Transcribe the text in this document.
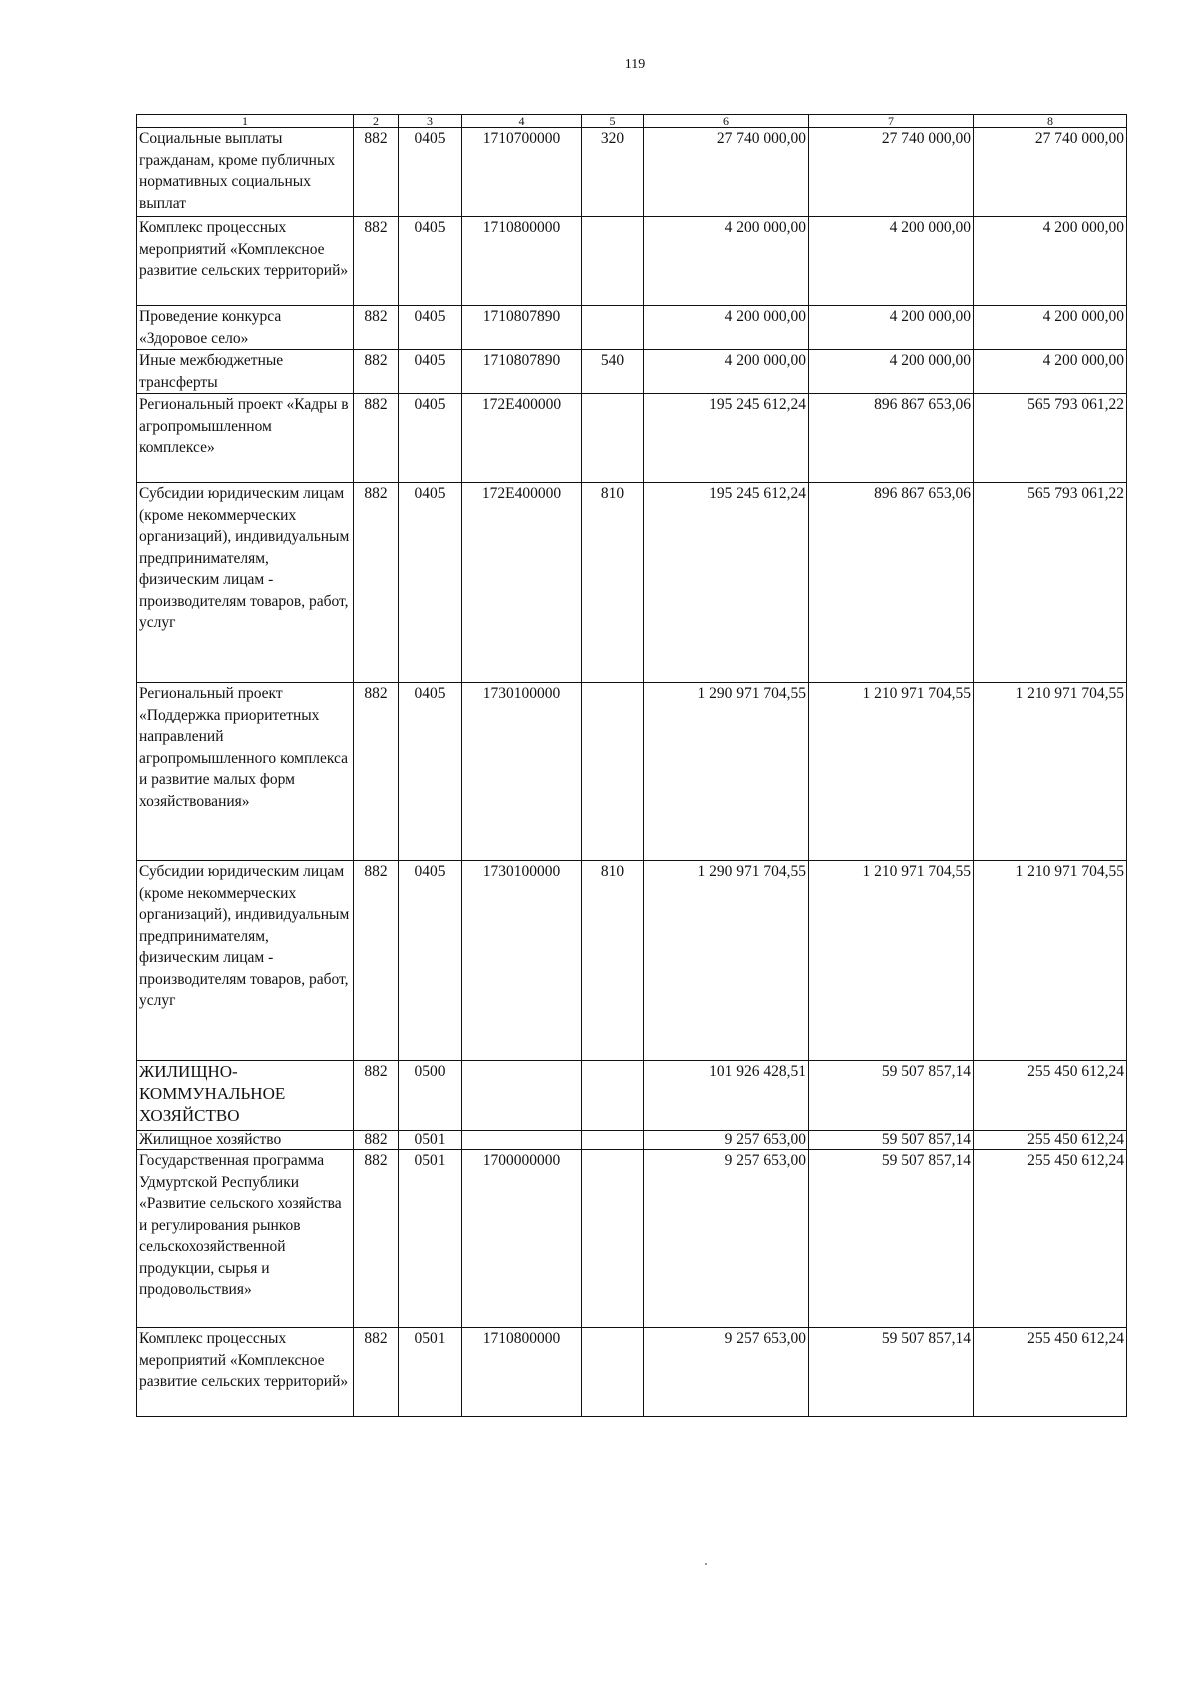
119
1	2	3	4	5	6	7	8
Социальные выплаты гражданам, кроме публичных нормативных социальных выплат	882	0405	1710700000	320	27 740 000,00	27 740 000,00	27 740 000,00
Комплекс процессных мероприятий «Комплексное развитие сельских территорий»	882	0405	1710800000		4 200 000,00	4 200 000,00	4 200 000,00
Проведение конкурса «Здоровое село»	882	0405	1710807890		4 200 000,00	4 200 000,00	4 200 000,00
Иные межбюджетные трансферты	882	0405	1710807890	540	4 200 000,00	4 200 000,00	4 200 000,00
Региональный проект «Кадры в агропромышленном комплексе»	882	0405	172E400000		195 245 612,24	896 867 653,06	565 793 061,22
Субсидии юридическим лицам (кроме некоммерческих организаций), индивидуальным предпринимателям, физическим лицам - производителям товаров, работ, услуг	882	0405	172E400000	810	195 245 612,24	896 867 653,06	565 793 061,22
Региональный проект «Поддержка приоритетных направлений агропромышленного комплекса и развитие малых форм хозяйствования»	882	0405	1730100000		1 290 971 704,55	1 210 971 704,55	1 210 971 704,55
Субсидии юридическим лицам (кроме некоммерческих организаций), индивидуальным предпринимателям, физическим лицам - производителям товаров, работ, услуг	882	0405	1730100000	810	1 290 971 704,55	1 210 971 704,55	1 210 971 704,55
ЖИЛИЩНО-КОММУНАЛЬНОЕ ХОЗЯЙСТВО	882	0500			101 926 428,51	59 507 857,14	255 450 612,24
Жилищное хозяйство	882	0501			9 257 653,00	59 507 857,14	255 450 612,24
Государственная программа Удмуртской Республики «Развитие сельского хозяйства и регулирования рынков сельскохозяйственной продукции, сырья и продовольствия»	882	0501	1700000000		9 257 653,00	59 507 857,14	255 450 612,24
Комплекс процессных мероприятий «Комплексное развитие сельских территорий»	882	0501	1710800000		9 257 653,00	59 507 857,14	255 450 612,24
